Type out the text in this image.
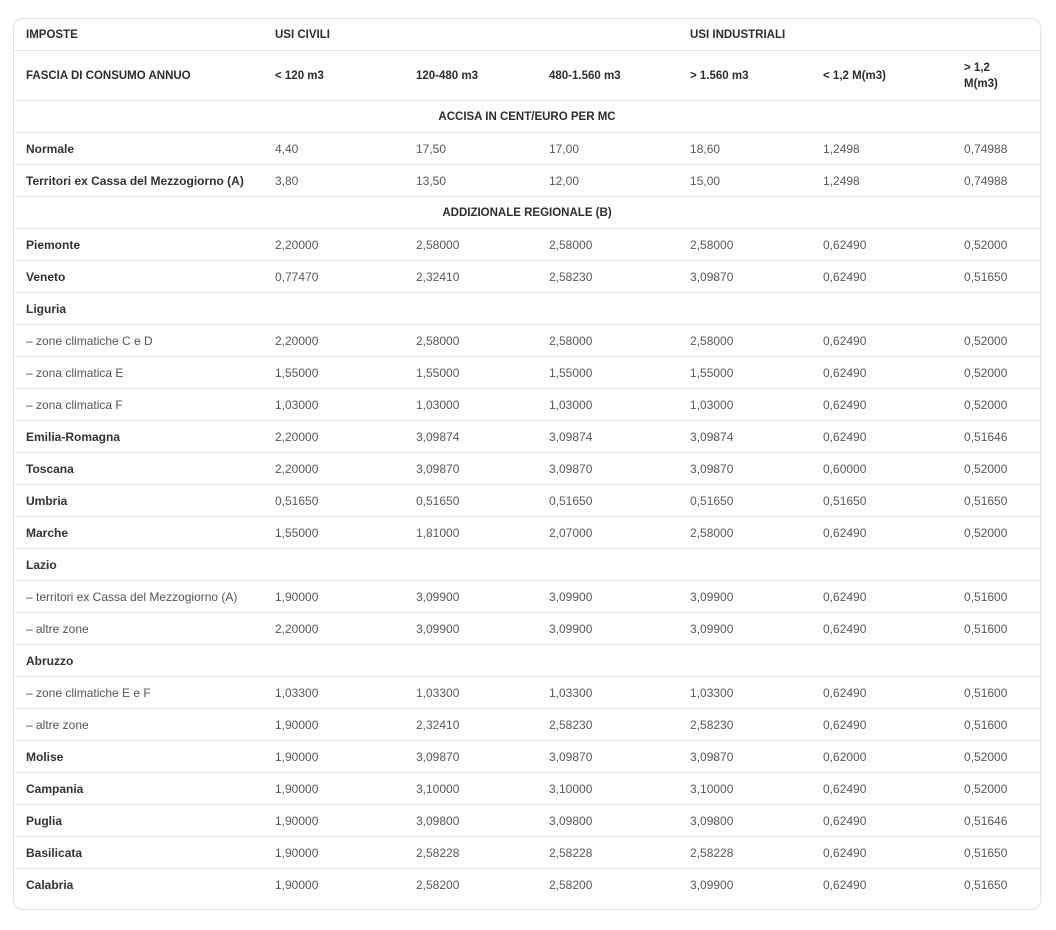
IMPOSTE	USI CIVILI			USI INDUSTRIALI		
FASCIA DI CONSUMO ANNUO	< 120 m3	120-480 m3	480-1.560 m3	> 1.560 m3	< 1,2 M(m3)	> 1,2 M(m3)
ACCISA IN CENT/EURO PER MC						
Normale	4,40	17,50	17,00	18,60	1,2498	0,74988
Territori ex Cassa del Mezzogiorno (A)	3,80	13,50	12,00	15,00	1,2498	0,74988
ADDIZIONALE REGIONALE (B)						
Piemonte	2,20000	2,58000	2,58000	2,58000	0,62490	0,52000
Veneto	0,77470	2,32410	2,58230	3,09870	0,62490	0,51650
Liguria						
– zone climatiche C e D	2,20000	2,58000	2,58000	2,58000	0,62490	0,52000
– zona climatica E	1,55000	1,55000	1,55000	1,55000	0,62490	0,52000
– zona climatica F	1,03000	1,03000	1,03000	1,03000	0,62490	0,52000
Emilia-Romagna	2,20000	3,09874	3,09874	3,09874	0,62490	0,51646
Toscana	2,20000	3,09870	3,09870	3,09870	0,60000	0,52000
Umbria	0,51650	0,51650	0,51650	0,51650	0,51650	0,51650
Marche	1,55000	1,81000	2,07000	2,58000	0,62490	0,52000
Lazio						
– territori ex Cassa del Mezzogiorno (A)	1,90000	3,09900	3,09900	3,09900	0,62490	0,51600
– altre zone	2,20000	3,09900	3,09900	3,09900	0,62490	0,51600
Abruzzo						
– zone climatiche E e F	1,03300	1,03300	1,03300	1,03300	0,62490	0,51600
– altre zone	1,90000	2,32410	2,58230	2,58230	0,62490	0,51600
Molise	1,90000	3,09870	3,09870	3,09870	0,62000	0,52000
Campania	1,90000	3,10000	3,10000	3,10000	0,62490	0,52000
Puglia	1,90000	3,09800	3,09800	3,09800	0,62490	0,51646
Basilicata	1,90000	2,58228	2,58228	2,58228	0,62490	0,51650
Calabria	1,90000	2,58200	2,58200	3,09900	0,62490	0,51650
